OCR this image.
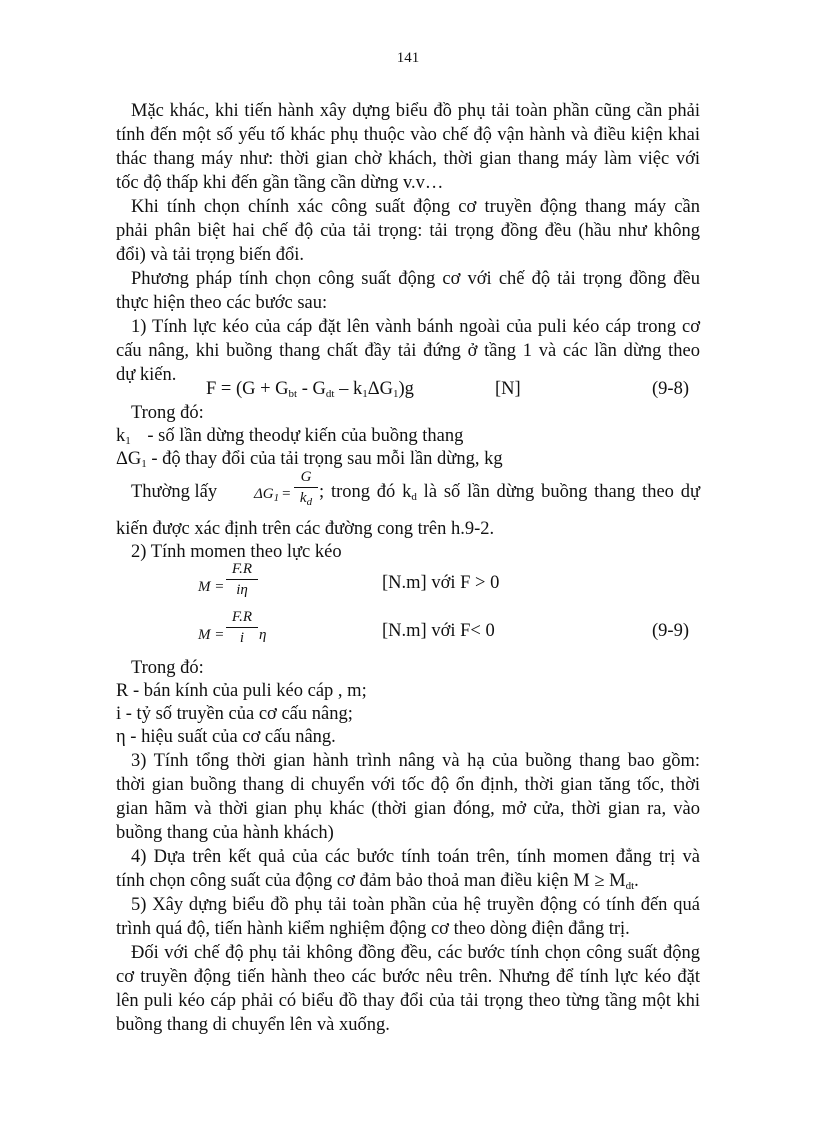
141
Mặc khác, khi tiến hành xây dựng biểu đồ phụ tải toàn phần cũng cần phải
tính đến một số yếu tố khác phụ thuộc vào chế độ vận hành và điều kiện khai
thác thang máy như: thời gian chờ khách, thời gian thang máy làm việc với
tốc độ thấp khi đến gần tầng cần dừng v.v…
Khi tính chọn chính xác công suất động cơ truyền động thang máy cần
phải phân biệt hai chế độ của tải trọng: tải trọng đồng đều (hầu như không
đổi) và tải trọng biến đổi.
Phương pháp tính chọn công suất động cơ với chế độ tải trọng đồng đều
thực hiện theo các bước sau:
1) Tính lực kéo của cáp đặt lên vành bánh ngoài của puli kéo cáp trong cơ
cấu nâng, khi buồng thang chất đầy tải đứng ở tầng 1 và các lần dừng theo
dự kiến.
$F = (G + G_{bt} - G_{dt} - k_1\Delta G_1)g$	[N]	(9-8)
Trong đó:
$k_1$ - số lần dừng theodự kiến của buồng thang
$\Delta G_1$ - độ thay đổi của tải trọng sau mỗi lần dừng, kg
Thường lấy $\Delta G_1$ =
G
$k_d$ ; trong đó $k_d$ là số lần dừng buồng thang theo dự
kiến được xác định trên các đường cong trên h.9-2.
2) Tính momen theo lực kéo
M =
F.R
iη	[N.m] với F > 0
M =
F.R
i η	[N.m] với F< 0	(9-9)
Trong đó:
R - bán kính của puli kéo cáp , m;
i - tỷ số truyền của cơ cấu nâng;
η - hiệu suất của cơ cấu nâng.
3) Tính tổng thời gian hành trình nâng và hạ của buồng thang bao gồm:
thời gian buồng thang di chuyển với tốc độ ổn định, thời gian tăng tốc, thời
gian hãm và thời gian phụ khác (thời gian đóng, mở cửa, thời gian ra, vào
buồng thang của hành khách)
4) Dựa trên kết quả của các bước tính toán trên, tính momen đẳng trị và
tính chọn công suất của động cơ đảm bảo thoả man điều kiện $M \ge M_{dt}$.
5) Xây dựng biểu đồ phụ tải toàn phần của hệ truyền động có tính đến quá
trình quá độ, tiến hành kiểm nghiệm động cơ theo dòng điện đẳng trị.
Đối với chế độ phụ tải không đồng đều, các bước tính chọn công suất động
cơ truyền động tiến hành theo các bước nêu trên. Nhưng để tính lực kéo đặt
lên puli kéo cáp phải có biểu đồ thay đổi của tải trọng theo từng tầng một khi
buồng thang di chuyển lên và xuống.
